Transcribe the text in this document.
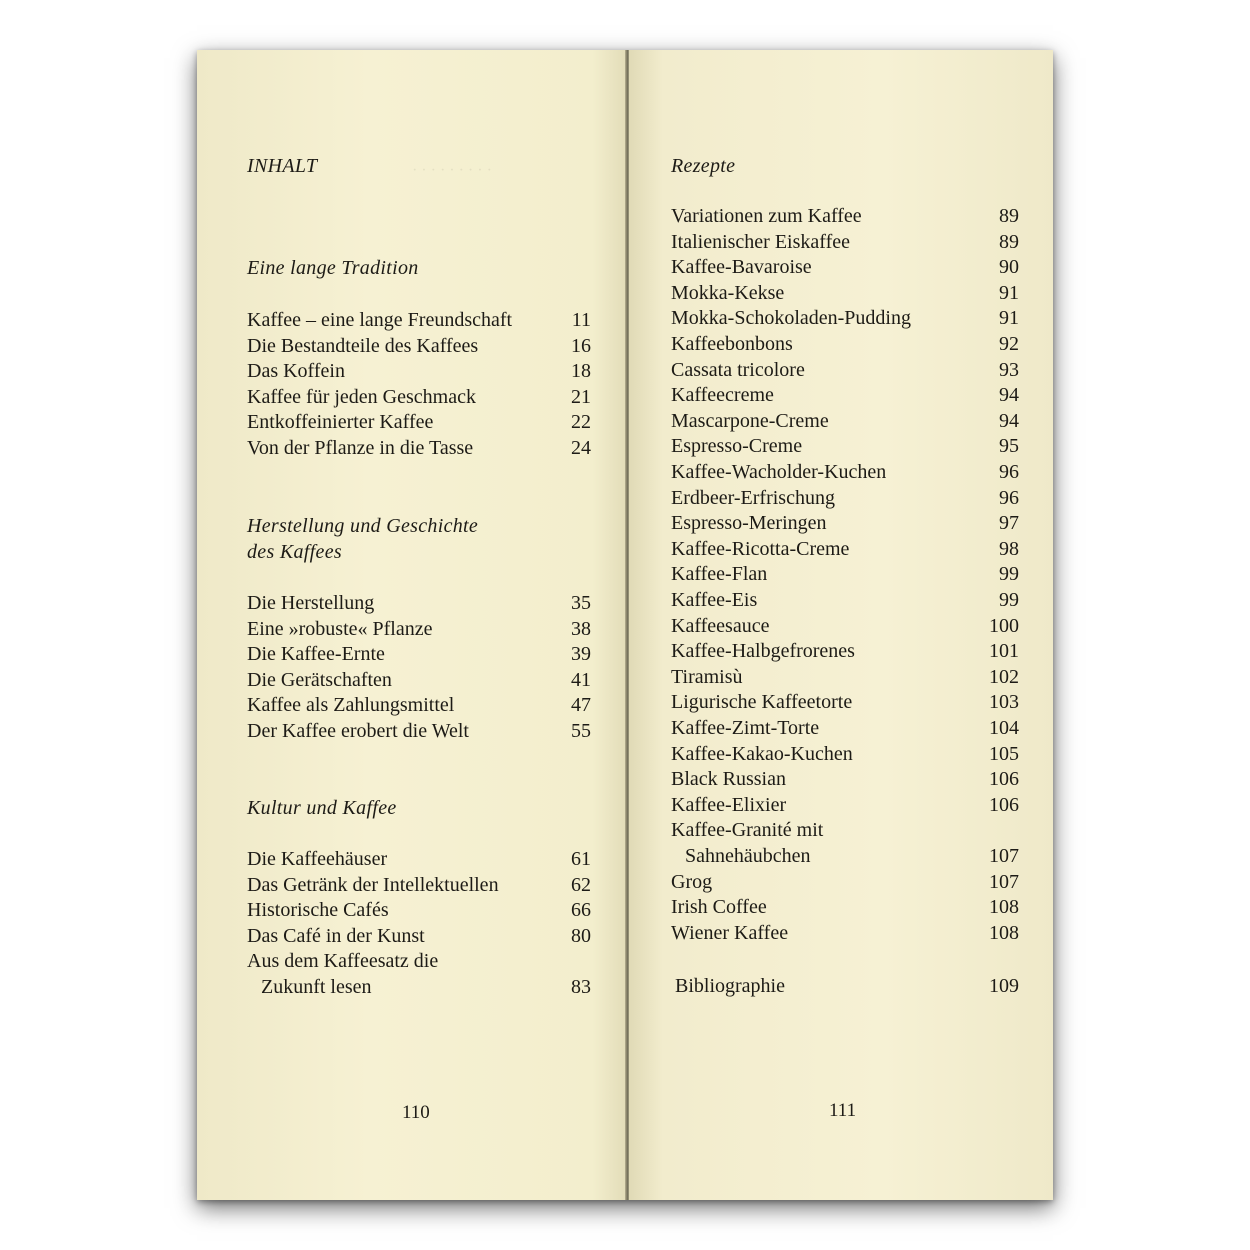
· · · · · · · · ·
INHALT
Eine lange Tradition
Kaffee – eine lange Freundschaft	11
Die Bestandteile des Kaffees	16
Das Koffein	18
Kaffee für jeden Geschmack	21
Entkoffeinierter Kaffee	22
Von der Pflanze in die Tasse	24
Herstellung und Geschichte
des Kaffees
Die Herstellung	35
Eine »robuste« Pflanze	38
Die Kaffee-Ernte	39
Die Gerätschaften	41
Kaffee als Zahlungsmittel	47
Der Kaffee erobert die Welt	55
Kultur und Kaffee
Die Kaffeehäuser	61
Das Getränk der Intellektuellen	62
Historische Cafés	66
Das Café in der Kunst	80
Aus dem Kaffeesatz die
Zukunft lesen	83
110
Rezepte
Variationen zum Kaffee	89
Italienischer Eiskaffee	89
Kaffee-Bavaroise	90
Mokka-Kekse	91
Mokka-Schokoladen-Pudding	91
Kaffeebonbons	92
Cassata tricolore	93
Kaffeecreme	94
Mascarpone-Creme	94
Espresso-Creme	95
Kaffee-Wacholder-Kuchen	96
Erdbeer-Erfrischung	96
Espresso-Meringen	97
Kaffee-Ricotta-Creme	98
Kaffee-Flan	99
Kaffee-Eis	99
Kaffeesauce	100
Kaffee-Halbgefrorenes	101
Tiramisù	102
Ligurische Kaffeetorte	103
Kaffee-Zimt-Torte	104
Kaffee-Kakao-Kuchen	105
Black Russian	106
Kaffee-Elixier	106
Kaffee-Granité mit
Sahnehäubchen	107
Grog	107
Irish Coffee	108
Wiener Kaffee	108
Bibliographie	109
111
